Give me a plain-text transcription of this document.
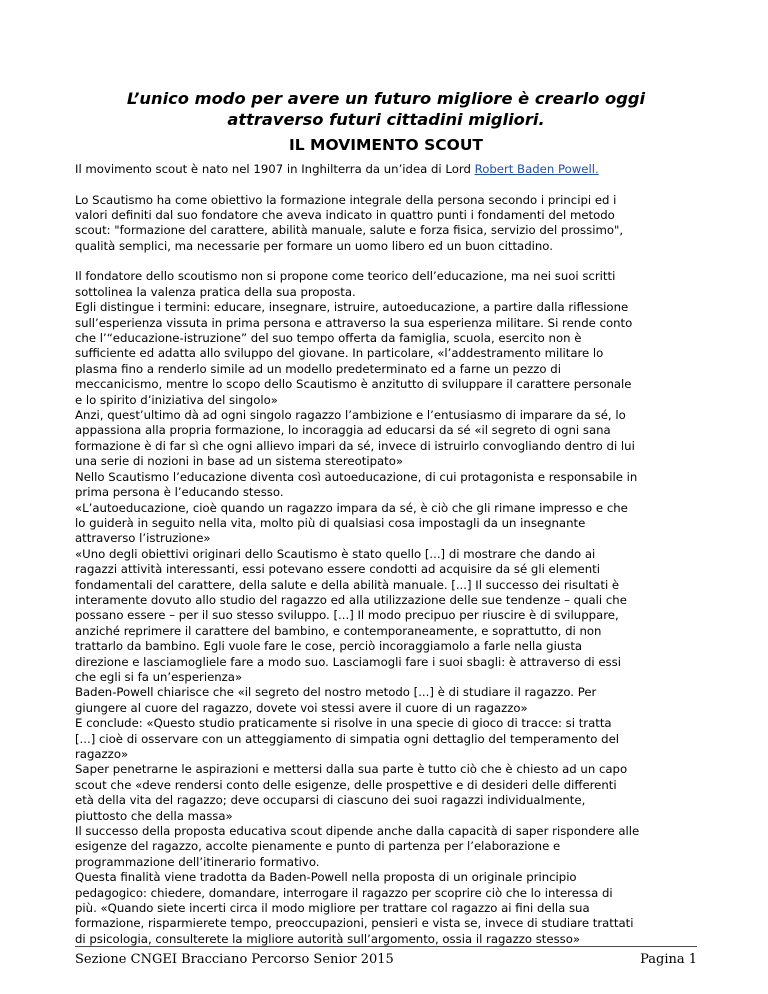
L’unico modo per avere un futuro migliore è crearlo oggi

attraverso futuri cittadini migliori.

IL MOVIMENTO SCOUT

Il movimento scout è nato nel 1907 in Inghilterra da un’idea di Lord Robert Baden Powell.

Lo Scautismo ha come obiettivo la formazione integrale della persona secondo i principi ed i

valori definiti dal suo fondatore che aveva indicato in quattro punti i fondamenti del metodo

scout: "formazione del carattere, abilità manuale, salute e forza fisica, servizio del prossimo",

qualità semplici, ma necessarie per formare un uomo libero ed un buon cittadino.

Il fondatore dello scoutismo non si propone come teorico dell’educazione, ma nei suoi scritti

sottolinea la valenza pratica della sua proposta.

Egli distingue i termini: educare, insegnare, istruire, autoeducazione, a partire dalla riflessione

sull’esperienza vissuta in prima persona e attraverso la sua esperienza militare. Si rende conto

che l’“educazione-istruzione” del suo tempo offerta da famiglia, scuola, esercito non è

sufficiente ed adatta allo sviluppo del giovane. In particolare, «l’addestramento militare lo

plasma fino a renderlo simile ad un modello predeterminato ed a farne un pezzo di

meccanicismo, mentre lo scopo dello Scautismo è anzitutto di sviluppare il carattere personale

e lo spirito d’iniziativa del singolo»

Anzi, quest’ultimo dà ad ogni singolo ragazzo l’ambizione e l’entusiasmo di imparare da sé, lo

appassiona alla propria formazione, lo incoraggia ad educarsi da sé «il segreto di ogni sana

formazione è di far sì che ogni allievo impari da sé, invece di istruirlo convogliando dentro di lui

una serie di nozioni in base ad un sistema stereotipato»

Nello Scautismo l’educazione diventa così autoeducazione, di cui protagonista e responsabile in

prima persona è l’educando stesso.

«L’autoeducazione, cioè quando un ragazzo impara da sé, è ciò che gli rimane impresso e che

lo guiderà in seguito nella vita, molto più di qualsiasi cosa impostagli da un insegnante

attraverso l’istruzione»

«Uno degli obiettivi originari dello Scautismo è stato quello [...] di mostrare che dando ai

ragazzi attività interessanti, essi potevano essere condotti ad acquisire da sé gli elementi

fondamentali del carattere, della salute e della abilità manuale. [...] Il successo dei risultati è

interamente dovuto allo studio del ragazzo ed alla utilizzazione delle sue tendenze – quali che

possano essere – per il suo stesso sviluppo. [...] Il modo precipuo per riuscire è di sviluppare,

anziché reprimere il carattere del bambino, e contemporaneamente, e soprattutto, di non

trattarlo da bambino. Egli vuole fare le cose, perciò incoraggiamolo a farle nella giusta

direzione e lasciamogliele fare a modo suo. Lasciamogli fare i suoi sbagli: è attraverso di essi

che egli si fa un’esperienza»

Baden-Powell chiarisce che «il segreto del nostro metodo [...] è di studiare il ragazzo. Per

giungere al cuore del ragazzo, dovete voi stessi avere il cuore di un ragazzo»

E conclude: «Questo studio praticamente si risolve in una specie di gioco di tracce: si tratta

[...] cioè di osservare con un atteggiamento di simpatia ogni dettaglio del temperamento del

ragazzo»

Saper penetrarne le aspirazioni e mettersi dalla sua parte è tutto ciò che è chiesto ad un capo

scout che «deve rendersi conto delle esigenze, delle prospettive e di desideri delle differenti

età della vita del ragazzo; deve occuparsi di ciascuno dei suoi ragazzi individualmente,

piuttosto che della massa»

Il successo della proposta educativa scout dipende anche dalla capacità di saper rispondere alle

esigenze del ragazzo, accolte pienamente e punto di partenza per l’elaborazione e

programmazione dell’itinerario formativo.

Questa finalità viene tradotta da Baden-Powell nella proposta di un originale principio

pedagogico: chiedere, domandare, interrogare il ragazzo per scoprire ciò che lo interessa di

più. «Quando siete incerti circa il modo migliore per trattare col ragazzo ai fini della sua

formazione, risparmierete tempo, preoccupazioni, pensieri e vista se, invece di studiare trattati

di psicologia, consulterete la migliore autorità sull’argomento, ossia il ragazzo stesso»

Sezione CNGEI Bracciano Percorso Senior 2015	Pagina 1
